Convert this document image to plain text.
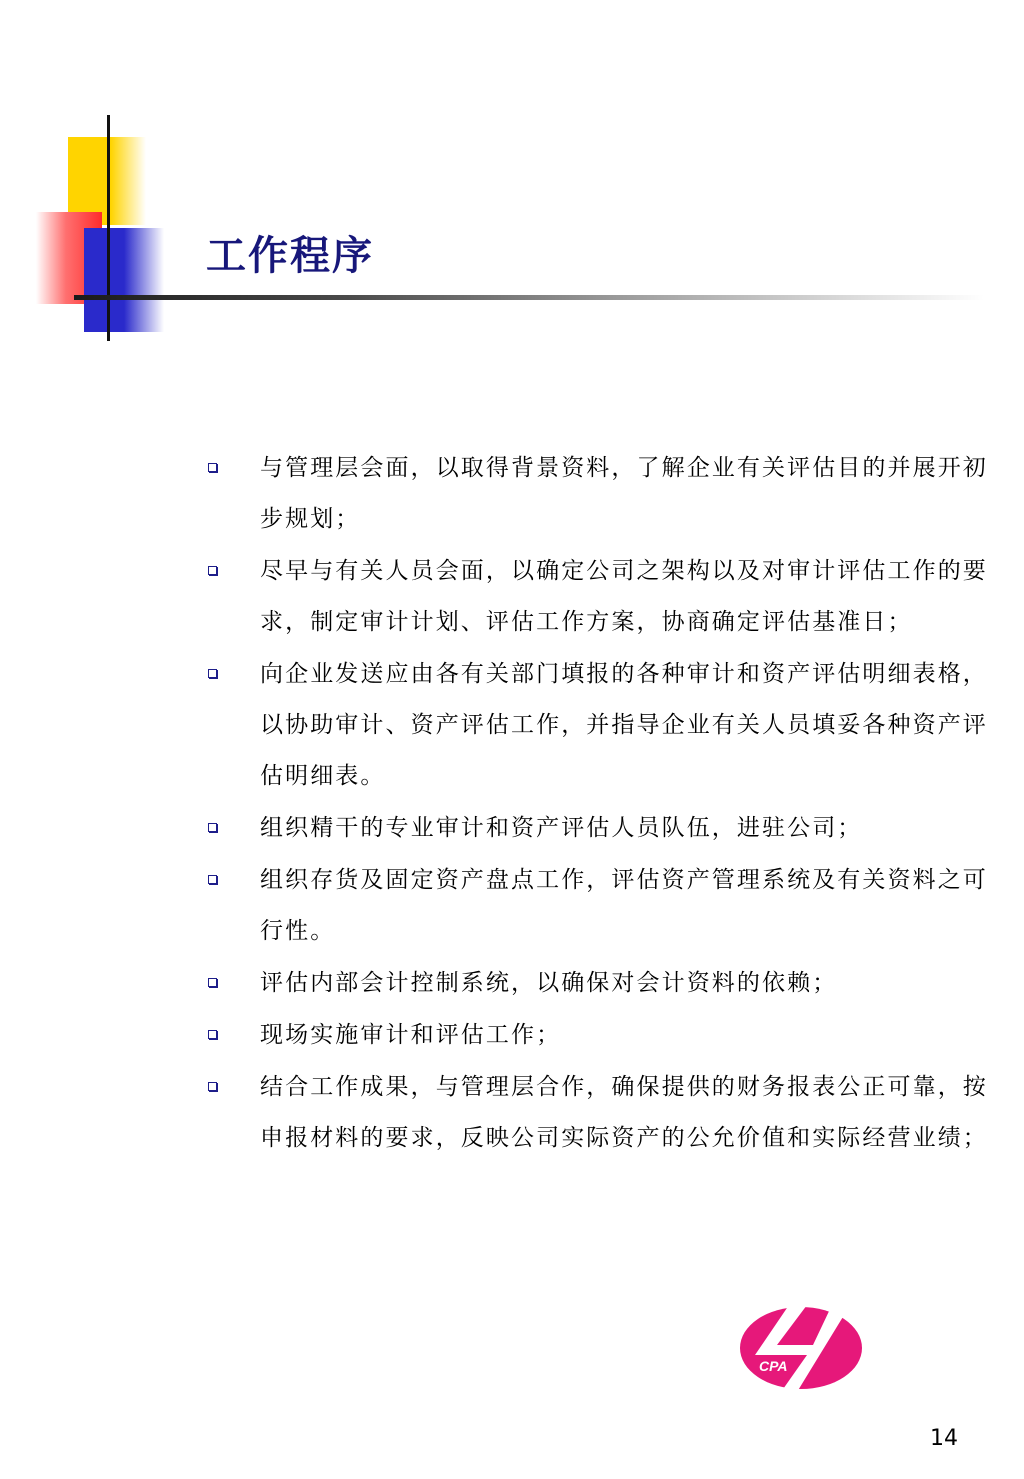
工作程序
与管理层会面，以取得背景资料，了解企业有关评估目的并展开初步规划；
尽早与有关人员会面，以确定公司之架构以及对审计评估工作的要求，制定审计计划、评估工作方案，协商确定评估基准日；
向企业发送应由各有关部门填报的各种审计和资产评估明细表格，以协助审计、资产评估工作，并指导企业有关人员填妥各种资产评估明细表。
组织精干的专业审计和资产评估人员队伍，进驻公司；
组织存货及固定资产盘点工作，评估资产管理系统及有关资料之可行性。
评估内部会计控制系统，以确保对会计资料的依赖；
现场实施审计和评估工作；
结合工作成果，与管理层合作，确保提供的财务报表公正可靠，按申报材料的要求，反映公司实际资产的公允价值和实际经营业绩；
CPA
14
